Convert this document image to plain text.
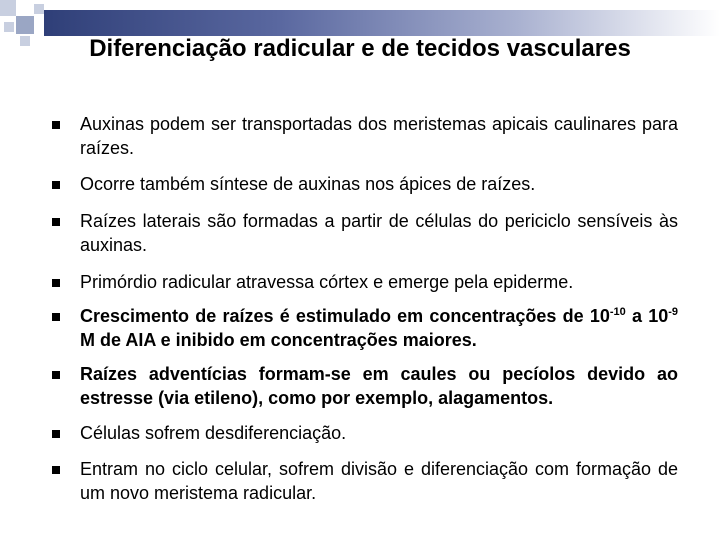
Diferenciação radicular e de tecidos vasculares
Auxinas podem ser transportadas dos meristemas apicais caulinares para raízes.
Ocorre também síntese de auxinas nos ápices de raízes.
Raízes laterais são formadas a partir de células do periciclo sensíveis às auxinas.
Primórdio radicular atravessa córtex e emerge pela epiderme.
Crescimento de raízes é estimulado em concentrações de $10^{-10}$ a $10^{-9}$ M de AIA e inibido em concentrações maiores.
Raízes adventícias formam-se em caules ou pecíolos devido ao estresse (via etileno), como por exemplo, alagamentos.
Células sofrem desdiferenciação.
Entram no ciclo celular, sofrem divisão e diferenciação com formação de um novo meristema radicular.
